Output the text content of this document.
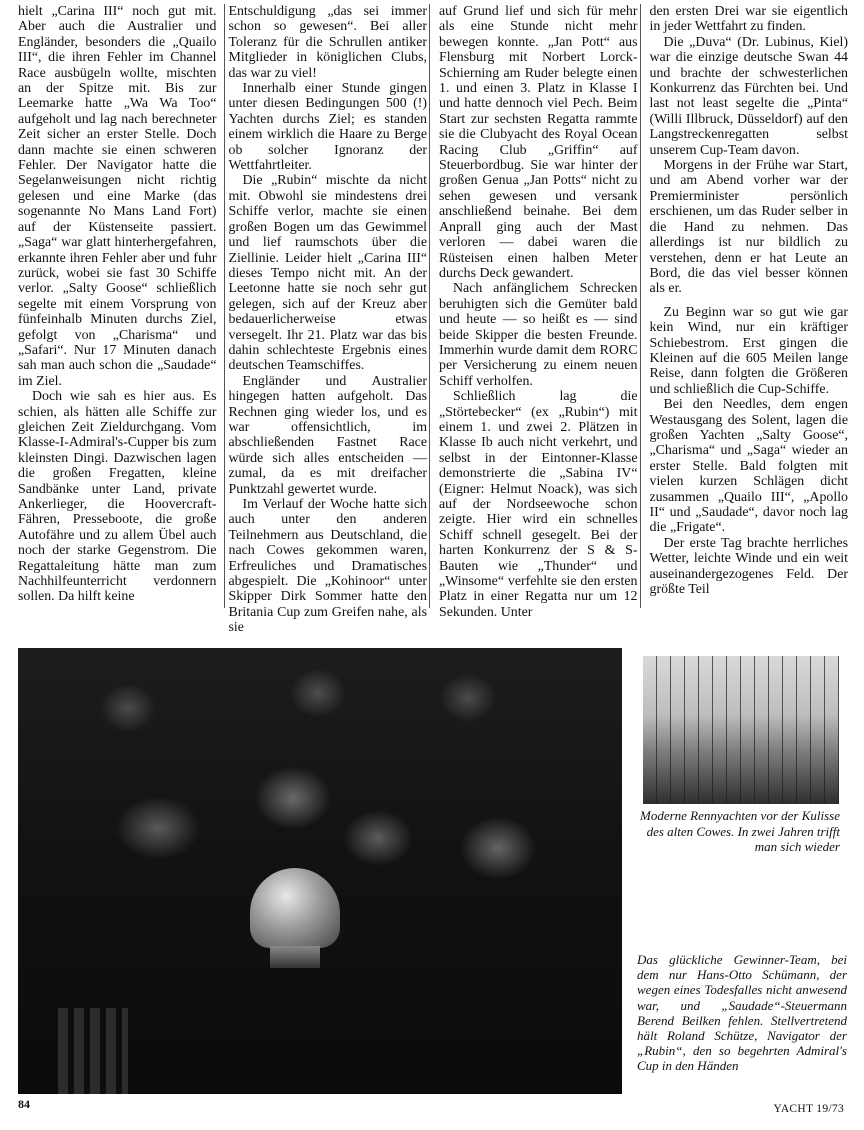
hielt „Carina III“ noch gut mit. Aber auch die Australier und Engländer, besonders die „Quailo III“, die ihren Fehler im Channel Race ausbügeln wollte, mischten an der Spitze mit. Bis zur Leemarke hatte „Wa Wa Too“ aufgeholt und lag nach berechneter Zeit sicher an erster Stelle. Doch dann machte sie einen schweren Fehler. Der Navigator hatte die Segelanweisungen nicht richtig gelesen und eine Marke (das sogenannte No Mans Land Fort) auf der Küstenseite passiert. „Saga“ war glatt hinterhergefahren, erkannte ihren Fehler aber und fuhr zurück, wobei sie fast 30 Schiffe verlor. „Salty Goose“ schließlich segelte mit einem Vorsprung von fünfeinhalb Minuten durchs Ziel, gefolgt von „Charisma“ und „Safari“. Nur 17 Minuten danach sah man auch schon die „Saudade“ im Ziel.

Doch wie sah es hier aus. Es schien, als hätten alle Schiffe zur gleichen Zeit Zieldurchgang. Vom Klasse-I-Admiral's-Cupper bis zum kleinsten Dingi. Dazwischen lagen die großen Fregatten, kleine Sandbänke unter Land, private Ankerlieger, die Hoovercraft-Fähren, Presseboote, die große Autofähre und zu allem Übel auch noch der starke Gegenstrom. Die Regattaleitung hätte man zum Nachhilfeunterricht verdonnern sollen. Da hilft keine

Entschuldigung „das sei immer schon so gewesen“. Bei aller Toleranz für die Schrullen antiker Mitglieder in königlichen Clubs, das war zu viel!

Innerhalb einer Stunde gingen unter diesen Bedingungen 500 (!) Yachten durchs Ziel; es standen einem wirklich die Haare zu Berge ob solcher Ignoranz der Wettfahrtleiter.

Die „Rubin“ mischte da nicht mit. Obwohl sie mindestens drei Schiffe verlor, machte sie einen großen Bogen um das Gewimmel und lief raumschots über die Ziellinie. Leider hielt „Carina III“ dieses Tempo nicht mit. An der Leetonne hatte sie noch sehr gut gelegen, sich auf der Kreuz aber bedauerlicherweise etwas versegelt. Ihr 21. Platz war das bis dahin schlechteste Ergebnis eines deutschen Teamschiffes.

Engländer und Australier hingegen hatten aufgeholt. Das Rechnen ging wieder los, und es war offensichtlich, im abschließenden Fastnet Race würde sich alles entscheiden — zumal, da es mit dreifacher Punktzahl gewertet wurde.

Im Verlauf der Woche hatte sich auch unter den anderen Teilnehmern aus Deutschland, die nach Cowes gekommen waren, Erfreuliches und Dramatisches abgespielt. Die „Kohinoor“ unter Skipper Dirk Sommer hatte den Britania Cup zum Greifen nahe, als sie

auf Grund lief und sich für mehr als eine Stunde nicht mehr bewegen konnte. „Jan Pott“ aus Flensburg mit Norbert Lorck-Schierning am Ruder belegte einen 1. und einen 3. Platz in Klasse I und hatte dennoch viel Pech. Beim Start zur sechsten Regatta rammte sie die Clubyacht des Royal Ocean Racing Club „Griffin“ auf Steuerbordbug. Sie war hinter der großen Genua „Jan Potts“ nicht zu sehen gewesen und versank anschließend beinahe. Bei dem Anprall ging auch der Mast verloren — dabei waren die Rüsteisen einen halben Meter durchs Deck gewandert.

Nach anfänglichem Schrecken beruhigten sich die Gemüter bald und heute — so heißt es — sind beide Skipper die besten Freunde. Immerhin wurde damit dem RORC per Versicherung zu einem neuen Schiff verholfen.

Schließlich lag die „Störtebecker“ (ex „Rubin“) mit einem 1. und zwei 2. Plätzen in Klasse Ib auch nicht verkehrt, und selbst in der Eintonner-Klasse demonstrierte die „Sabina IV“ (Eigner: Helmut Noack), was sich auf der Nordseewoche schon zeigte. Hier wird ein schnelles Schiff schnell gesegelt. Bei der harten Konkurrenz der S & S-Bauten wie „Thunder“ und „Winsome“ verfehlte sie den ersten Platz in einer Regatta nur um 12 Sekunden. Unter

den ersten Drei war sie eigentlich in jeder Wettfahrt zu finden.

Die „Duva“ (Dr. Lubinus, Kiel) war die einzige deutsche Swan 44 und brachte der schwesterlichen Konkurrenz das Fürchten bei. Und last not least segelte die „Pinta“ (Willi Illbruck, Düsseldorf) auf den Langstreckenregatten selbst unserem Cup-Team davon.

Morgens in der Frühe war Start, und am Abend vorher war der Premierminister persönlich erschienen, um das Ruder selber in die Hand zu nehmen. Das allerdings ist nur bildlich zu verstehen, denn er hat Leute an Bord, die das viel besser können als er.

Zu Beginn war so gut wie gar kein Wind, nur ein kräftiger Schiebestrom. Erst gingen die Kleinen auf die 605 Meilen lange Reise, dann folgten die Größeren und schließlich die Cup-Schiffe.

Bei den Needles, dem engen Westausgang des Solent, lagen die großen Yachten „Salty Goose“, „Charisma“ und „Saga“ wieder an erster Stelle. Bald folgten mit vielen kurzen Schlägen dicht zusammen „Quailo III“, „Apollo II“ und „Saudade“, davor noch lag die „Frigate“.

Der erste Tag brachte herrliches Wetter, leichte Winde und ein weit auseinandergezogenes Feld. Der größte Teil

Moderne Rennyachten vor der Kulisse des alten Cowes. In zwei Jahren trifft man sich wieder
Das glückliche Gewinner-Team, bei dem nur Hans-Otto Schümann, der wegen eines Todesfalles nicht anwesend war, und „Saudade“-Steuermann Berend Beilken fehlen. Stellvertretend hält Roland Schütze, Navigator der „Rubin“, den so begehrten Admiral's Cup in den Händen
84	YACHT 19/73
